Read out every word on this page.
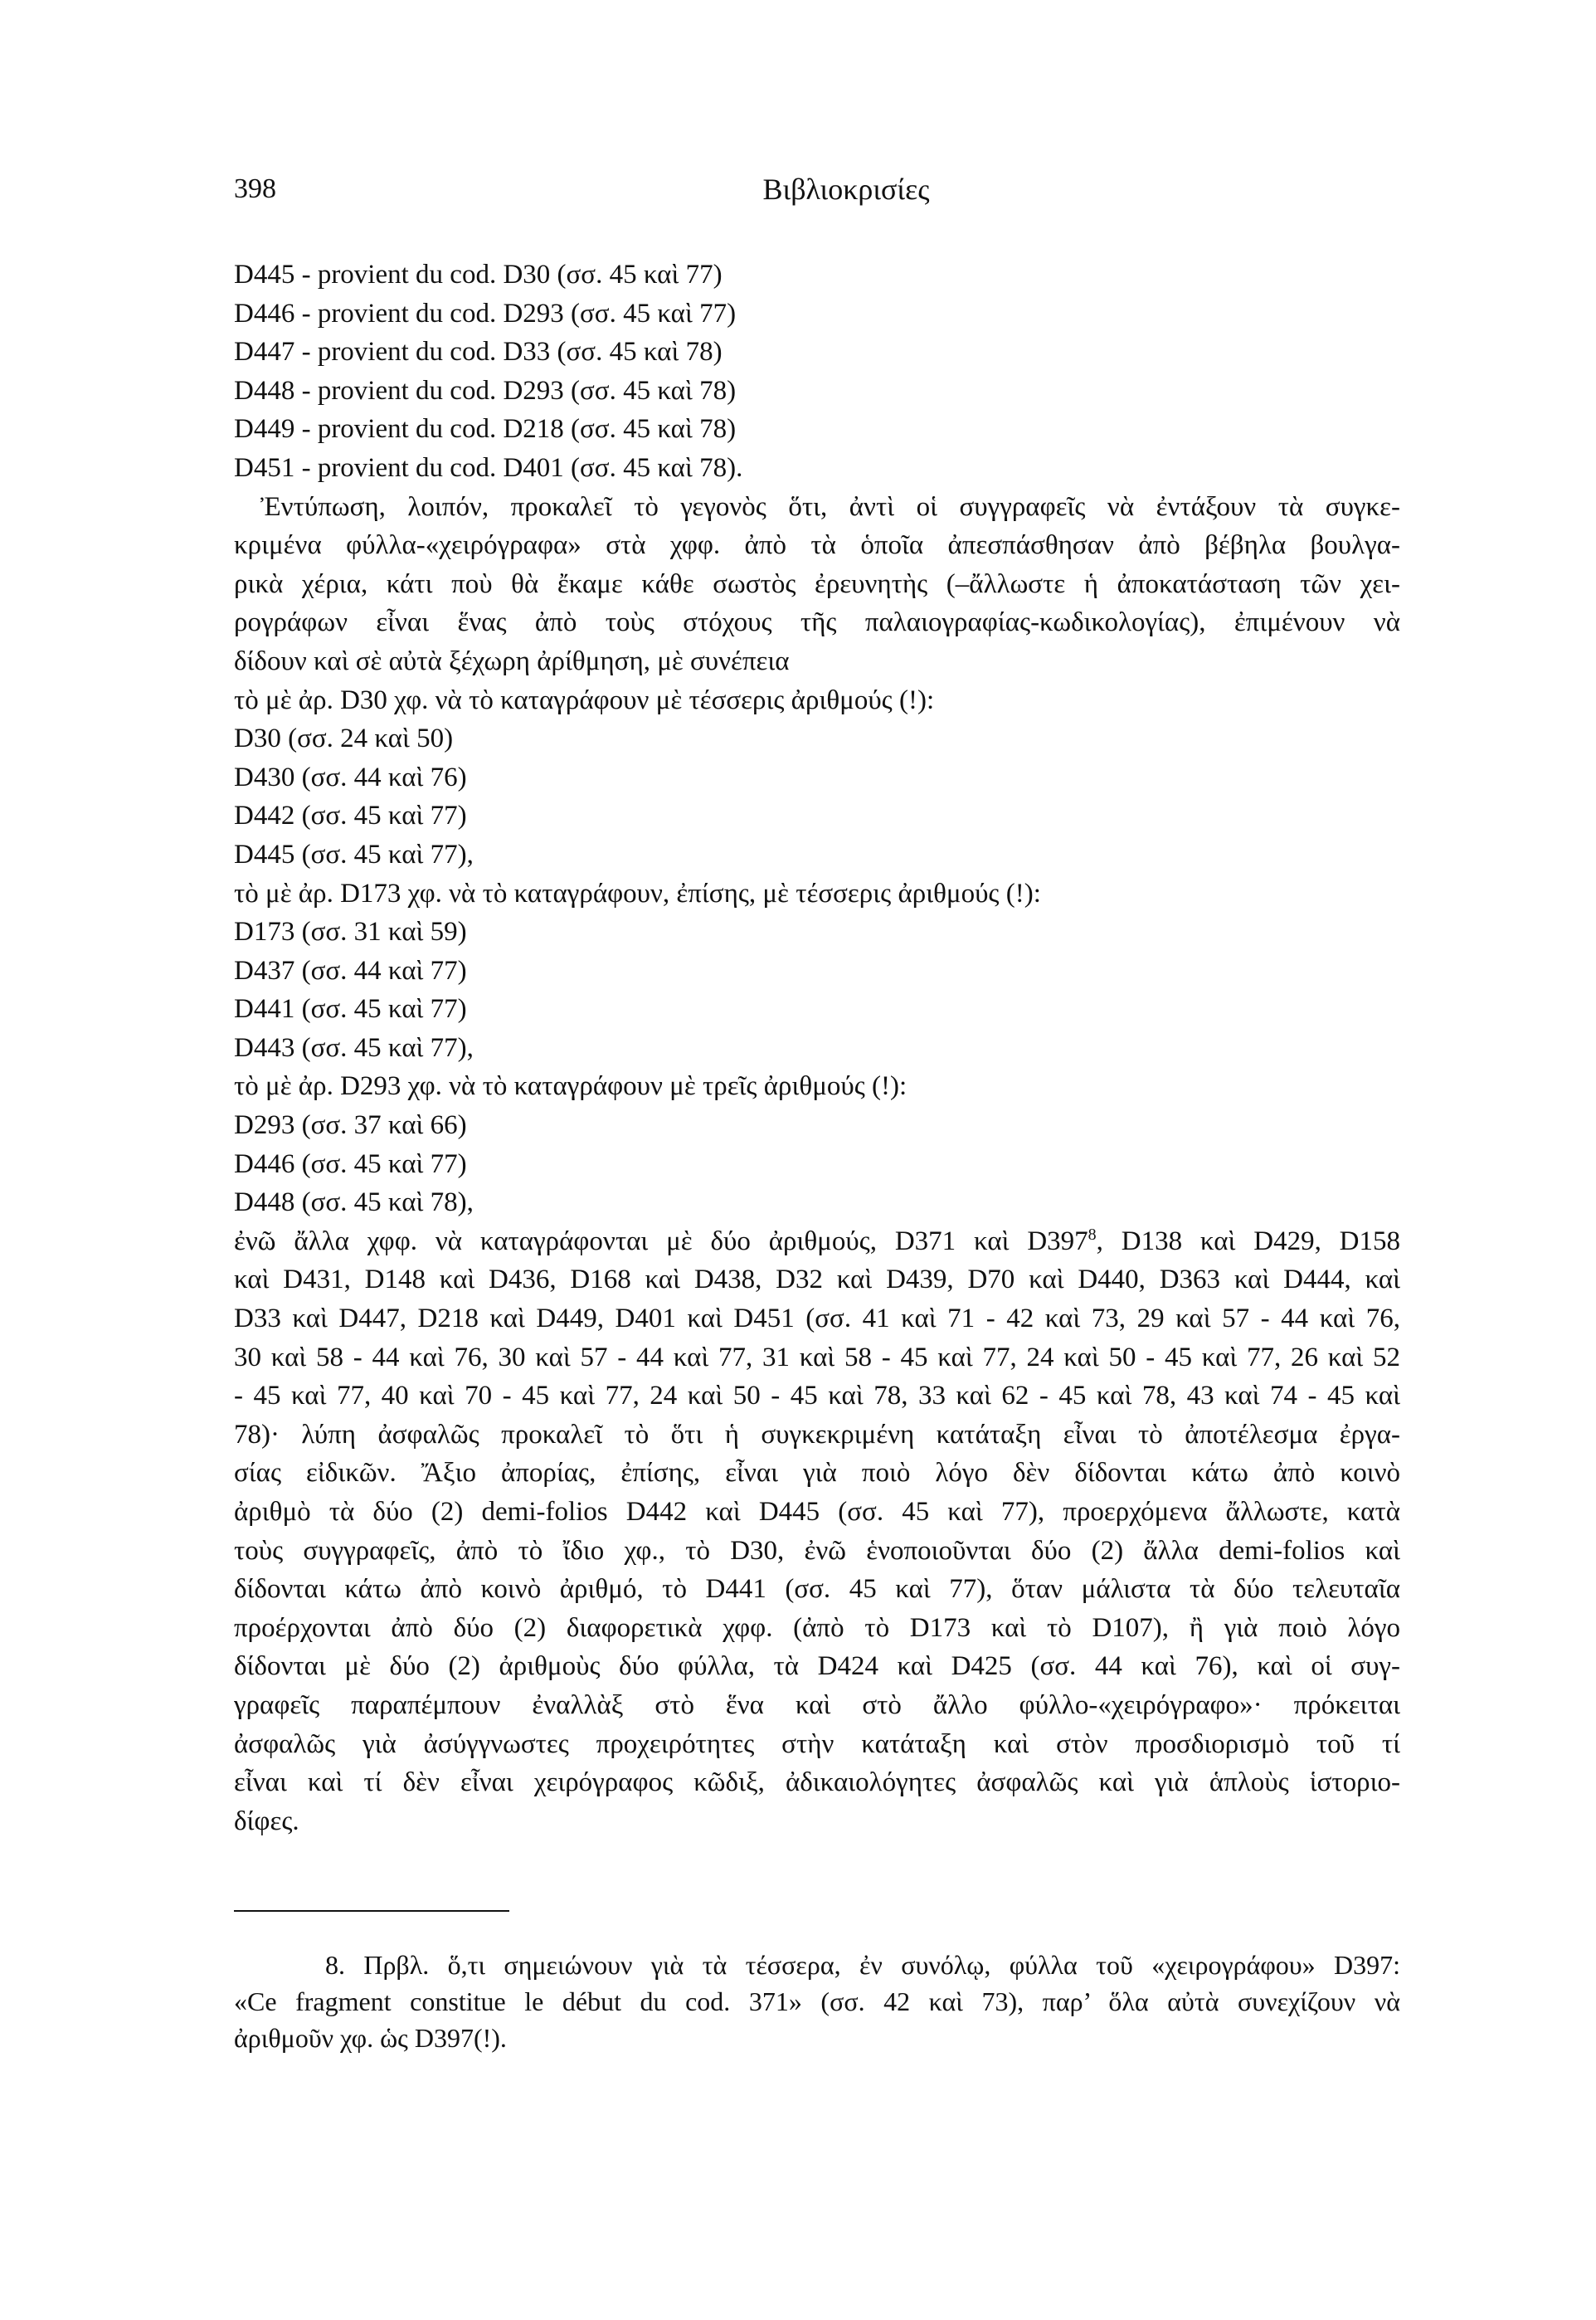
398	Βιβλιοκρισίες
D445 - provient du cod. D30 (σσ. 45 καὶ 77)
D446 - provient du cod. D293 (σσ. 45 καὶ 77)
D447 - provient du cod. D33 (σσ. 45 καὶ 78)
D448 - provient du cod. D293 (σσ. 45 καὶ 78)
D449 - provient du cod. D218 (σσ. 45 καὶ 78)
D451 - provient du cod. D401 (σσ. 45 καὶ 78).
Ἐντύπωση, λοιπόν, προκαλεῖ τὸ γεγονὸς ὅτι, ἀντὶ οἱ συγγραφεῖς νὰ ἐντάξουν τὰ συγκε-
κριμένα φύλλα-«χειρόγραφα» στὰ χφφ. ἀπὸ τὰ ὁποῖα ἀπεσπάσθησαν ἀπὸ βέβηλα βουλγα-
ρικὰ χέρια, κάτι ποὺ θὰ ἔκαμε κάθε σωστὸς ἐρευνητὴς (–ἄλλωστε ἡ ἀποκατάσταση τῶν χει-
ρογράφων εἶναι ἕνας ἀπὸ τοὺς στόχους τῆς παλαιογραφίας-κωδικολογίας), ἐπιμένουν νὰ
δίδουν καὶ σὲ αὐτὰ ξέχωρη ἀρίθμηση, μὲ συνέπεια
τὸ μὲ ἀρ. D30 χφ. νὰ τὸ καταγράφουν μὲ τέσσερις ἀριθμούς (!):
D30 (σσ. 24 καὶ 50)
D430 (σσ. 44 καὶ 76)
D442 (σσ. 45 καὶ 77)
D445 (σσ. 45 καὶ 77),
τὸ μὲ ἀρ. D173 χφ. νὰ τὸ καταγράφουν, ἐπίσης, μὲ τέσσερις ἀριθμούς (!):
D173 (σσ. 31 καὶ 59)
D437 (σσ. 44 καὶ 77)
D441 (σσ. 45 καὶ 77)
D443 (σσ. 45 καὶ 77),
τὸ μὲ ἀρ. D293 χφ. νὰ τὸ καταγράφουν μὲ τρεῖς ἀριθμούς (!):
D293 (σσ. 37 καὶ 66)
D446 (σσ. 45 καὶ 77)
D448 (σσ. 45 καὶ 78),
ἐνῶ ἄλλα χφφ. νὰ καταγράφονται μὲ δύο ἀριθμούς, D371 καὶ $D397^8$, D138 καὶ D429, D158
καὶ D431, D148 καὶ D436, D168 καὶ D438, D32 καὶ D439, D70 καὶ D440, D363 καὶ D444, καὶ
D33 καὶ D447, D218 καὶ D449, D401 καὶ D451 (σσ. 41 καὶ 71 - 42 καὶ 73, 29 καὶ 57 - 44 καὶ 76,
30 καὶ 58 - 44 καὶ 76, 30 καὶ 57 - 44 καὶ 77, 31 καὶ 58 - 45 καὶ 77, 24 καὶ 50 - 45 καὶ 77, 26 καὶ 52
- 45 καὶ 77, 40 καὶ 70 - 45 καὶ 77, 24 καὶ 50 - 45 καὶ 78, 33 καὶ 62 - 45 καὶ 78, 43 καὶ 74 - 45 καὶ
78)· λύπη ἀσφαλῶς προκαλεῖ τὸ ὅτι ἡ συγκεκριμένη κατάταξη εἶναι τὸ ἀποτέλεσμα ἐργα-
σίας εἰδικῶν. Ἄξιο ἀπορίας, ἐπίσης, εἶναι γιὰ ποιὸ λόγο δὲν δίδονται κάτω ἀπὸ κοινὸ
ἀριθμὸ τὰ δύο (2) demi-folios D442 καὶ D445 (σσ. 45 καὶ 77), προερχόμενα ἄλλωστε, κατὰ
τοὺς συγγραφεῖς, ἀπὸ τὸ ἴδιο χφ., τὸ D30, ἐνῶ ἑνοποιοῦνται δύο (2) ἄλλα demi-folios καὶ
δίδονται κάτω ἀπὸ κοινὸ ἀριθμό, τὸ D441 (σσ. 45 καὶ 77), ὅταν μάλιστα τὰ δύο τελευταῖα
προέρχονται ἀπὸ δύο (2) διαφορετικὰ χφφ. (ἀπὸ τὸ D173 καὶ τὸ D107), ἢ γιὰ ποιὸ λόγο
δίδονται μὲ δύο (2) ἀριθμοὺς δύο φύλλα, τὰ D424 καὶ D425 (σσ. 44 καὶ 76), καὶ οἱ συγ-
γραφεῖς παραπέμπουν ἐναλλὰξ στὸ ἕνα καὶ στὸ ἄλλο φύλλο-«χειρόγραφο»· πρόκειται
ἀσφαλῶς γιὰ ἀσύγγνωστες προχειρότητες στὴν κατάταξη καὶ στὸν προσδιορισμὸ τοῦ τί
εἶναι καὶ τί δὲν εἶναι χειρόγραφος κῶδιξ, ἀδικαιολόγητες ἀσφαλῶς καὶ γιὰ ἁπλοὺς ἱστοριο-
δίφες.
8. Πρβλ. ὅ,τι σημειώνουν γιὰ τὰ τέσσερα, ἐν συνόλῳ, φύλλα τοῦ «χειρογράφου» D397:
«Ce fragment constitue le début du cod. 371» (σσ. 42 καὶ 73), παρ’ ὅλα αὐτὰ συνεχίζουν νὰ
ἀριθμοῦν χφ. ὡς D397(!).
